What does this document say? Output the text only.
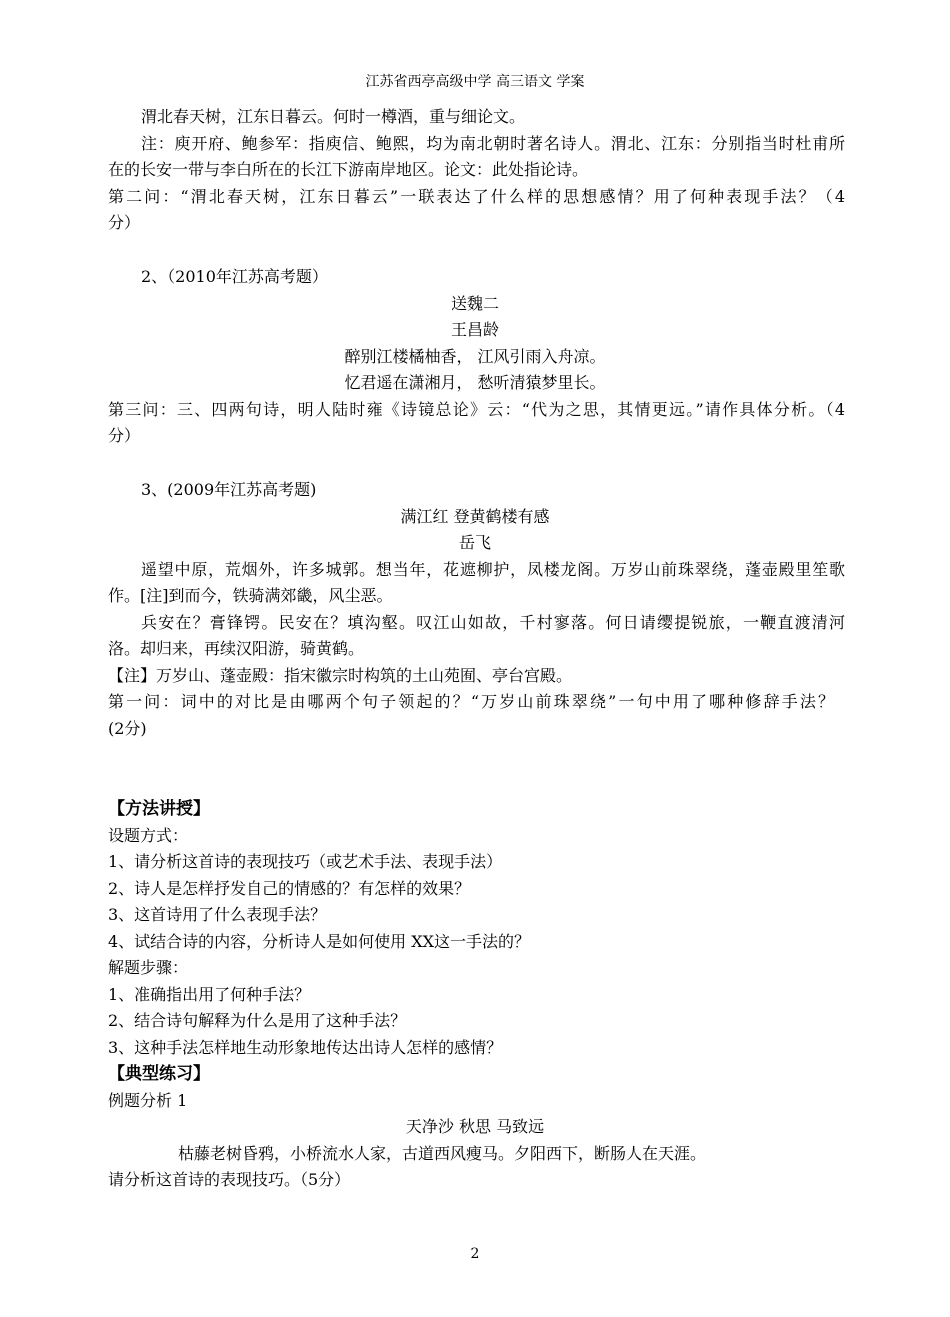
江苏省西亭高级中学 高三语文 学案
渭北春天树，江东日暮云。何时一樽酒，重与细论文。
注：庾开府、鲍参军：指庾信、鲍熙，均为南北朝时著名诗人。渭北、江东：分别指当时杜甫所
在的长安一带与李白所在的长江下游南岸地区。论文：此处指论诗。
第二问：“渭北春天树，江东日暮云”一联表达了什么样的思想感情？用了何种表现手法？（4
分）
2、（2010年江苏高考题）
送魏二
王昌龄
醉别江楼橘柚香， 江风引雨入舟凉。
忆君遥在潇湘月， 愁听清猿梦里长。
第三问：三、四两句诗，明人陆时雍《诗镜总论》云：“代为之思，其情更远。”请作具体分析。（4
分）
3、(2009年江苏高考题)
满江红 登黄鹤楼有感
岳飞
遥望中原，荒烟外，许多城郭。想当年，花遮柳护，凤楼龙阁。万岁山前珠翠绕，蓬壶殿里笙歌
作。[注]到而今，铁骑满郊畿，风尘恶。
兵安在？膏锋锷。民安在？填沟壑。叹江山如故，千村寥落。何日请缨提锐旅，一鞭直渡清河
洛。却归来，再续汉阳游，骑黄鹤。
【注】万岁山、蓬壶殿：指宋徽宗时构筑的土山苑囿、亭台宫殿。
第一问：词中的对比是由哪两个句子领起的？“万岁山前珠翠绕”一句中用了哪种修辞手法？
(2分)
【方法讲授】
设题方式：
1、请分析这首诗的表现技巧（或艺术手法、表现手法）
2、诗人是怎样抒发自己的情感的？有怎样的效果？
3、这首诗用了什么表现手法？
4、试结合诗的内容，分析诗人是如何使用 XX这一手法的？
解题步骤：
1、准确指出用了何种手法？
2、结合诗句解释为什么是用了这种手法？
3、这种手法怎样地生动形象地传达出诗人怎样的感情？
【典型练习】
例题分析 1
天净沙 秋思 马致远
枯藤老树昏鸦，小桥流水人家，古道西风瘦马。夕阳西下，断肠人在天涯。
请分析这首诗的表现技巧。（5分）
2
